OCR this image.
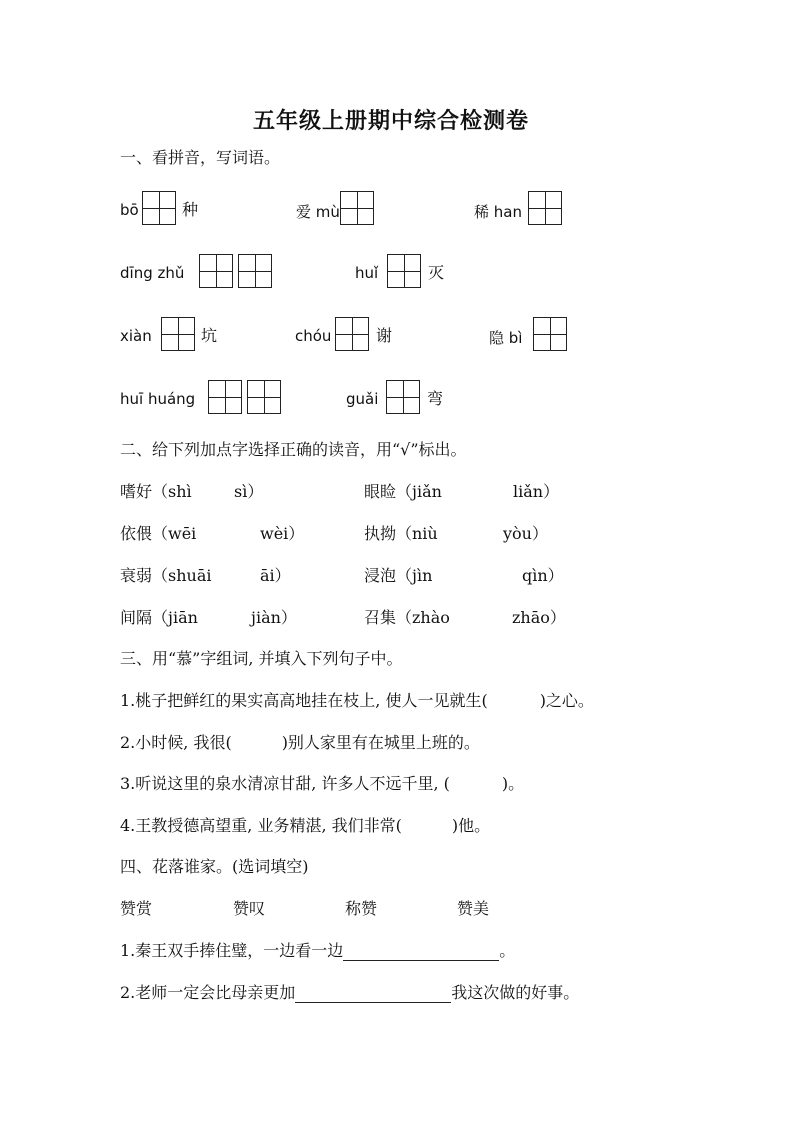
五年级上册期中综合检测卷
一、看拼音，写词语。
bō	种	爱 mù	稀 han
dīng zhǔ	huǐ	灭
xiàn	坑	chóu	谢	隐 bì
huī huáng	guǎi	弯
二、给下列加点字选择正确的读音，用“√”标出。
嗜好（shì	sì）	眼睑（jiǎn	liǎn）
依偎（wēi	wèi）	执拗（niù	yòu）
衰弱（shuāi	āi）	浸泡（jìn	qìn）
间隔（jiān	jiàn）	召集（zhào	zhāo）
三、用“慕”字组词, 并填入下列句子中。
1.桃子把鲜红的果实高高地挂在枝上, 使人一见就生(	)之心。
2.小时候, 我很(	)别人家里有在城里上班的。
3.听说这里的泉水清凉甘甜, 许多人不远千里, (	)。
4.王教授德高望重, 业务精湛, 我们非常(	)他。
四、花落谁家。(选词填空)
赞赏	赞叹	称赞	赞美
1.秦王双手捧住璧，一边看一边	。
2.老师一定会比母亲更加	我这次做的好事。
